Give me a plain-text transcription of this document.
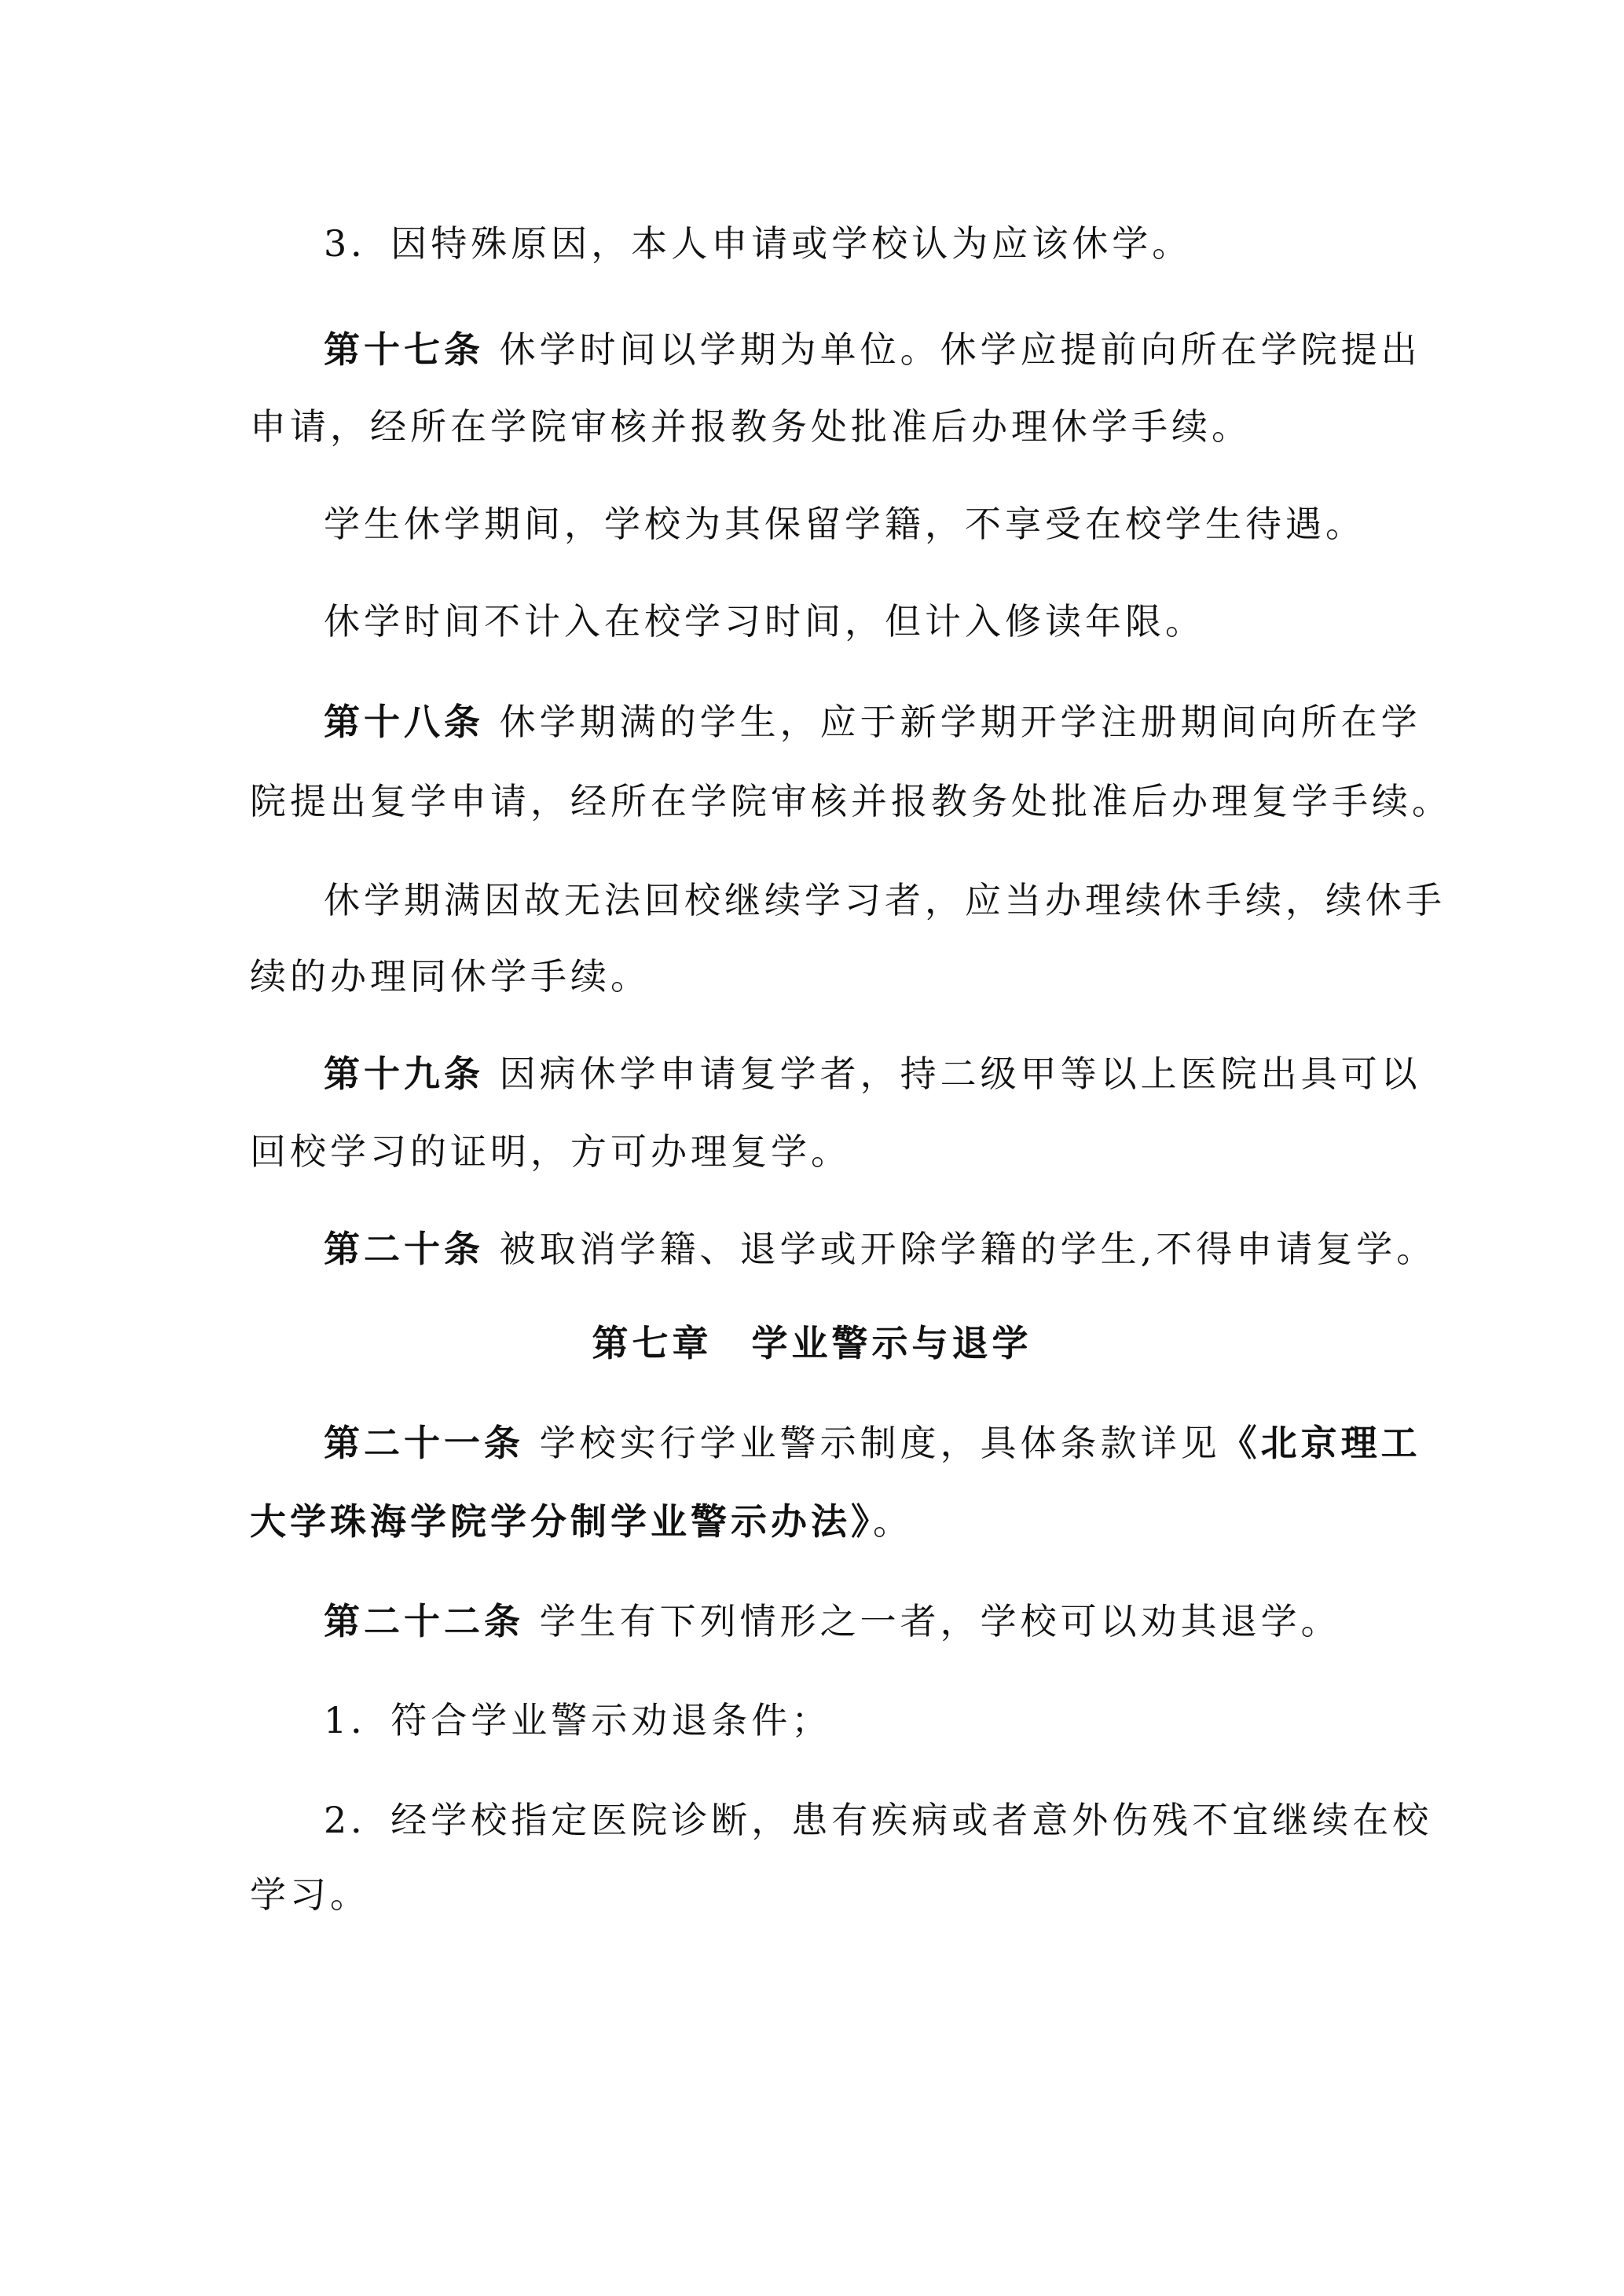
3．因特殊原因，本人申请或学校认为应该休学。
第十七条 休学时间以学期为单位。休学应提前向所在学院提出
申请，经所在学院审核并报教务处批准后办理休学手续。
学生休学期间，学校为其保留学籍，不享受在校学生待遇。
休学时间不计入在校学习时间，但计入修读年限。
第十八条 休学期满的学生，应于新学期开学注册期间向所在学
院提出复学申请，经所在学院审核并报教务处批准后办理复学手续。
休学期满因故无法回校继续学习者，应当办理续休手续，续休手
续的办理同休学手续。
第十九条 因病休学申请复学者，持二级甲等以上医院出具可以
回校学习的证明，方可办理复学。
第二十条 被取消学籍、退学或开除学籍的学生,不得申请复学。
第七章 学业警示与退学
第二十一条 学校实行学业警示制度，具体条款详见《北京理工
大学珠海学院学分制学业警示办法》。
第二十二条 学生有下列情形之一者，学校可以劝其退学。
1．符合学业警示劝退条件；
2．经学校指定医院诊断，患有疾病或者意外伤残不宜继续在校
学习。
